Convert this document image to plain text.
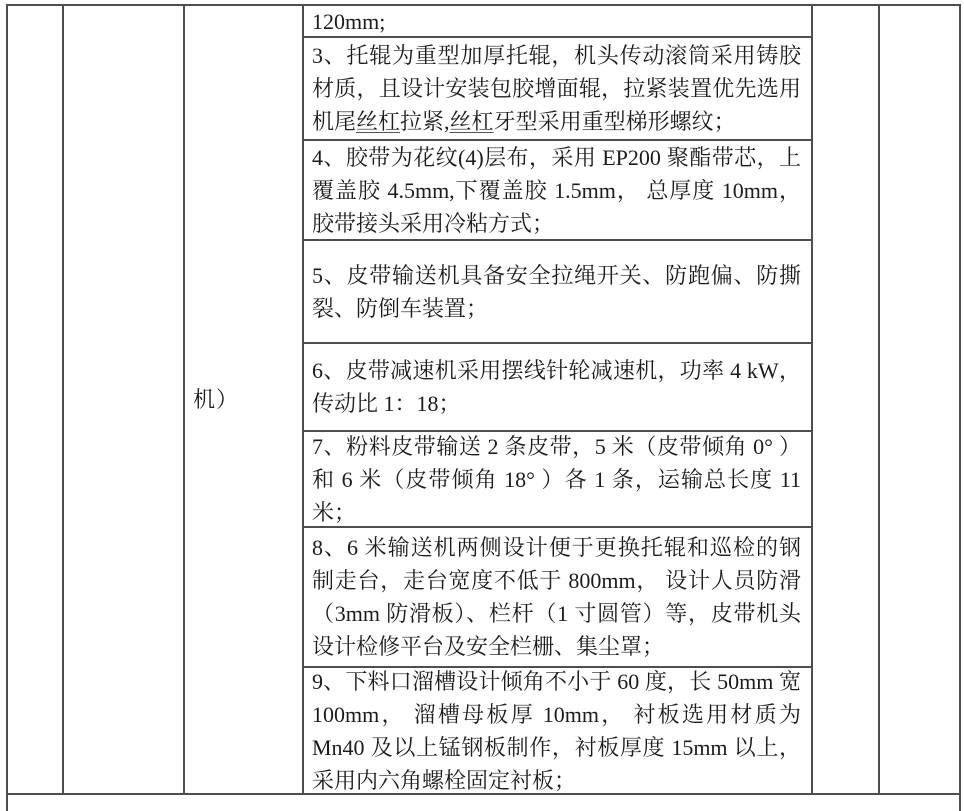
机）

120mm;

3、托辊为重型加厚托辊，机头传动滚筒采用铸胶材质，且设计安装包胶增面辊，拉紧装置优先选用机尾丝杠拉紧,丝杠牙型采用重型梯形螺纹；

4、胶带为花纹(4)层布，采用 EP200 聚酯带芯，上覆盖胶 4.5mm,下覆盖胶 1.5mm， 总厚度 10mm， 胶带接头采用冷粘方式；

5、皮带输送机具备安全拉绳开关、防跑偏、防撕裂、防倒车装置；

6、皮带减速机采用摆线针轮减速机，功率 4 kW，传动比 1：18；

7、粉料皮带输送 2 条皮带，5 米（皮带倾角 0° ）和 6 米（皮带倾角 18° ）各 1 条，运输总长度 11 米；

8、6 米输送机两侧设计便于更换托辊和巡检的钢制走台，走台宽度不低于 800mm， 设计人员防滑（3mm 防滑板）、栏杆（1 寸圆管）等，皮带机头设计检修平台及安全栏栅、集尘罩；

9、下料口溜槽设计倾角不小于 60 度，长 50mm 宽 100mm， 溜槽母板厚 10mm， 衬板选用材质为 Mn40 及以上锰钢板制作，衬板厚度 15mm 以上，采用内六角螺栓固定衬板；
